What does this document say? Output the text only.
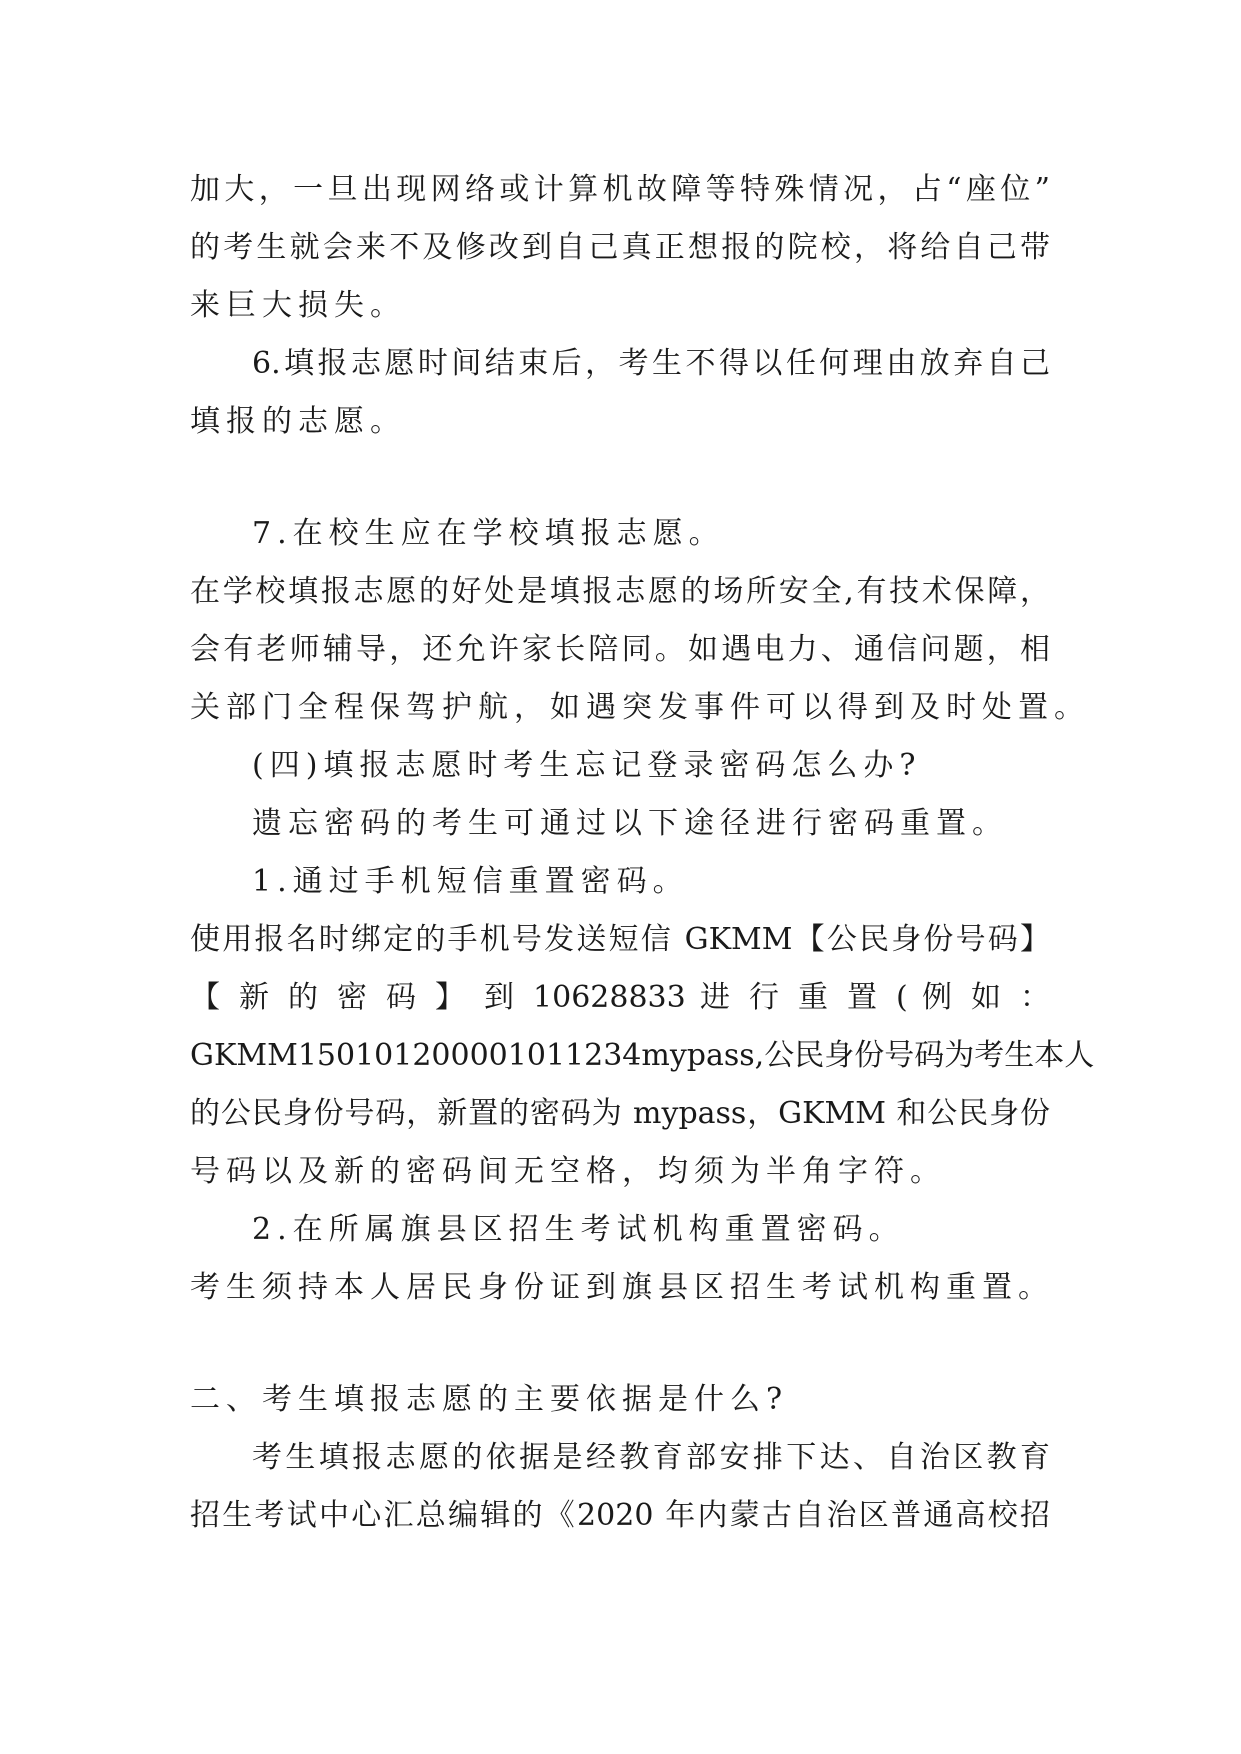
加大，一旦出现网络或计算机故障等特殊情况，占“座位”
的考生就会来不及修改到自己真正想报的院校，将给自己带
来巨大损失。
6.填报志愿时间结束后，考生不得以任何理由放弃自己
填报的志愿。
7.在校生应在学校填报志愿。
在学校填报志愿的好处是填报志愿的场所安全,有技术保障，
会有老师辅导，还允许家长陪同。如遇电力、通信问题，相
关部门全程保驾护航，如遇突发事件可以得到及时处置。
(四)填报志愿时考生忘记登录密码怎么办?
遗忘密码的考生可通过以下途径进行密码重置。
1.通过手机短信重置密码。
使用报名时绑定的手机号发送短信 GKMM【公民身份号码】
【 新 的 密 码 】 到 10628833 进 行 重 置 ( 例 如 ：
GKMM150101200001011234mypass,公民身份号码为考生本人
的公民身份号码，新置的密码为 mypass，GKMM 和公民身份
号码以及新的密码间无空格，均须为半角字符。
2.在所属旗县区招生考试机构重置密码。
考生须持本人居民身份证到旗县区招生考试机构重置。
二、考生填报志愿的主要依据是什么?
考生填报志愿的依据是经教育部安排下达、自治区教育
招生考试中心汇总编辑的《2020 年内蒙古自治区普通高校招
